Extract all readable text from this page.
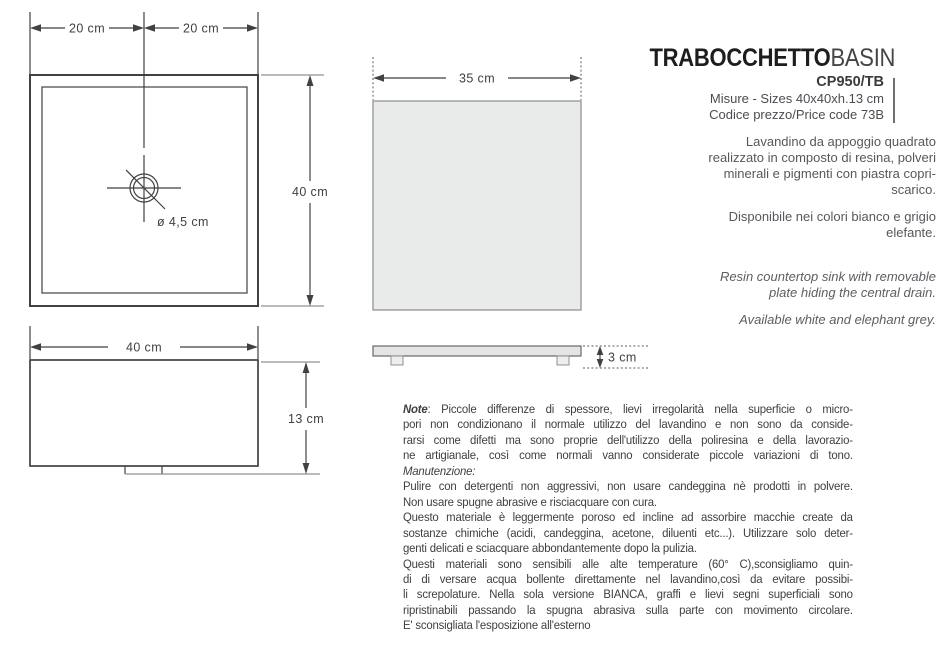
20 cm	20 cm
40 cm
ø 4,5 cm
40 cm
13 cm
35 cm
3 cm
TRABOCCHETTOBASIN
CP950/TB
Misure - Sizes 40x40xh.13 cm
Codice prezzo/Price code 73B
Lavandino da appoggio quadrato
realizzato in composto di resina, polveri
minerali e pigmenti con piastra copri-
scarico.
Disponibile nei colori bianco e grigio
elefante.
Resin countertop sink with removable
plate hiding the central drain.
Available white and elephant grey.
Note: Piccole differenze di spessore, lievi irregolarità nella superficie o micro-
pori non condizionano il normale utilizzo del lavandino e non sono da conside-
rarsi come difetti ma sono proprie dell'utilizzo della poliresina e della lavorazio-
ne artigianale, così come normali vanno considerate piccole variazioni di tono.
Manutenzione:
Pulire con detergenti non aggressivi, non usare candeggina nè prodotti in polvere.
Non usare spugne abrasive e risciacquare con cura.
Questo materiale è leggermente poroso ed incline ad assorbire macchie create da
sostanze chimiche (acidi, candeggina, acetone, diluenti etc...). Utilizzare solo deter-
genti delicati e sciacquare abbondantemente dopo la pulizia.
Questi materiali sono sensibili alle alte temperature (60° C),sconsigliamo quin-
di di versare acqua bollente direttamente nel lavandino,così da evitare possibi-
li screpolature. Nella sola versione BIANCA, graffi e lievi segni superficiali sono
ripristinabili passando la spugna abrasiva sulla parte con movimento circolare.
E' sconsigliata l'esposizione all'esterno
